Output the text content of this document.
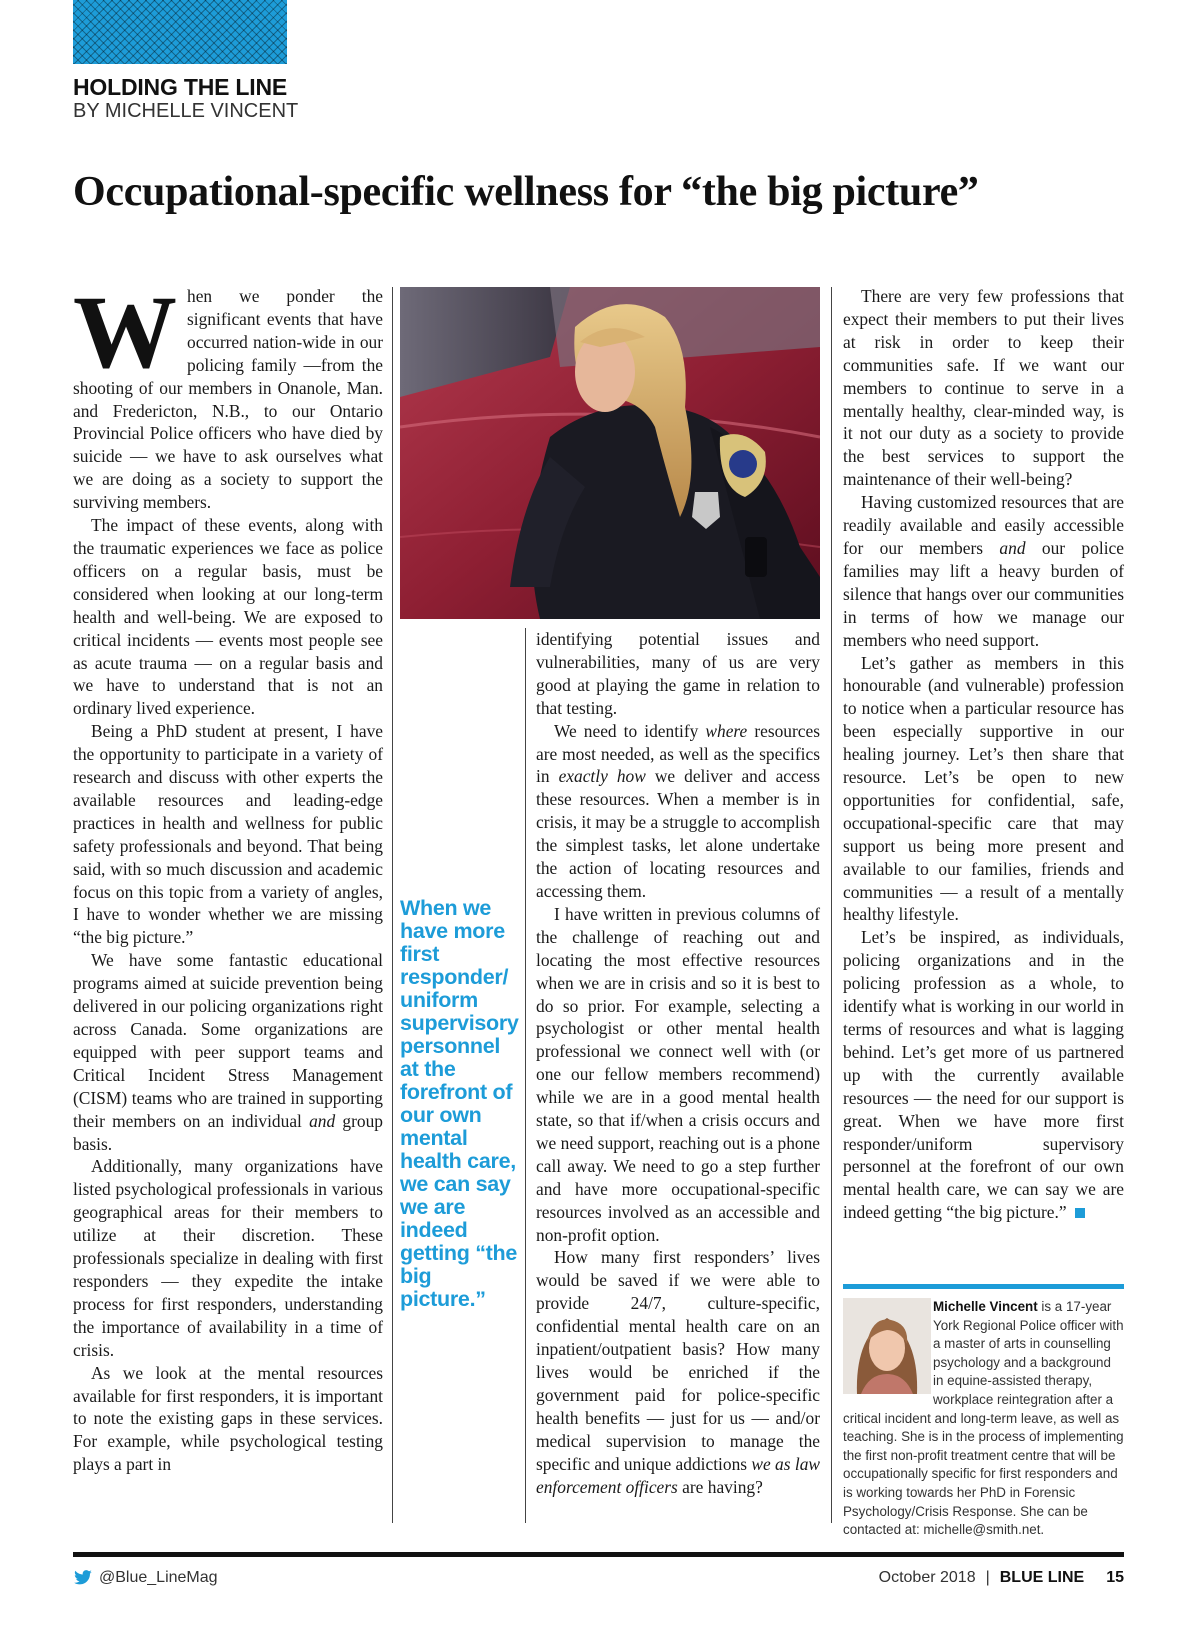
HOLDING THE LINE
BY MICHELLE VINCENT
Occupational-specific wellness for “the big picture”

When we ponder the significant events that have occurred nation-wide in our policing family —from the shooting of our members in Onanole, Man. and Fredericton, N.B., to our Ontario Provincial Police officers who have died by suicide — we have to ask ourselves what we are doing as a society to support the surviving members.

The impact of these events, along with the traumatic experiences we face as police officers on a regular basis, must be considered when looking at our long-term health and well-being. We are exposed to critical incidents — events most people see as acute trauma — on a regular basis and we have to understand that is not an ordinary lived experience.

Being a PhD student at present, I have the opportunity to participate in a variety of research and discuss with other experts the available resources and leading-edge practices in health and wellness for public safety professionals and beyond. That being said, with so much discussion and academic focus on this topic from a variety of angles, I have to wonder whether we are missing “the big picture.”

We have some fantastic educational programs aimed at suicide prevention being delivered in our policing organizations right across Canada. Some organizations are equipped with peer support teams and Critical Incident Stress Management (CISM) teams who are trained in supporting their members on an individual and group basis.

Additionally, many organizations have listed psychological professionals in various geographical areas for their members to utilize at their discretion. These professionals specialize in dealing with first responders — they expedite the intake process for first responders, understanding the importance of availability in a time of crisis.

As we look at the mental resources available for first responders, it is important to note the existing gaps in these services. For example, while psychological testing plays a part in

When we have more first responder/ uniform supervisory personnel at the forefront of our own mental health care, we can say we are indeed getting “the big picture.”

identifying potential issues and vulnerabilities, many of us are very good at playing the game in relation to that testing.

We need to identify where resources are most needed, as well as the specifics in exactly how we deliver and access these resources. When a member is in crisis, it may be a struggle to accomplish the simplest tasks, let alone undertake the action of locating resources and accessing them.

I have written in previous columns of the challenge of reaching out and locating the most effective resources when we are in crisis and so it is best to do so prior. For example, selecting a psychologist or other mental health professional we connect well with (or one our fellow members recommend) while we are in a good mental health state, so that if/when a crisis occurs and we need support, reaching out is a phone call away. We need to go a step further and have more occupational-specific resources involved as an accessible and non-profit option.

How many first responders’ lives would be saved if we were able to provide 24/7, culture-specific, confidential mental health care on an inpatient/outpatient basis? How many lives would be enriched if the government paid for police-specific health benefits — just for us — and/or medical supervision to manage the specific and unique addictions we as law enforcement officers are having?

There are very few professions that expect their members to put their lives at risk in order to keep their communities safe. If we want our members to continue to serve in a mentally healthy, clear-minded way, is it not our duty as a society to provide the best services to support the maintenance of their well-being?

Having customized resources that are readily available and easily accessible for our members and our police families may lift a heavy burden of silence that hangs over our communities in terms of how we manage our members who need support.

Let’s gather as members in this honourable (and vulnerable) profession to notice when a particular resource has been especially supportive in our healing journey. Let’s then share that resource. Let’s be open to new opportunities for confidential, safe, occupational-specific care that may support us being more present and available to our families, friends and communities — a result of a mentally healthy lifestyle.

Let’s be inspired, as individuals, policing organizations and in the policing profession as a whole, to identify what is working in our world in terms of resources and what is lagging behind. Let’s get more of us partnered up with the currently available resources — the need for our support is great. When we have more first responder/uniform supervisory personnel at the forefront of our own mental health care, we can say we are indeed getting “the big picture.”

Michelle Vincent is a 17-year York Regional Police officer with a master of arts in counselling psychology and a background in equine-assisted therapy, workplace reintegration after a critical incident and long-term leave, as well as teaching. She is in the process of implementing the first non-profit treatment centre that will be occupationally specific for first responders and is working towards her PhD in Forensic Psychology/Crisis Response. She can be contacted at: michelle@smith.net.
@Blue_LineMag	October 2018 | BLUE LINE 15
